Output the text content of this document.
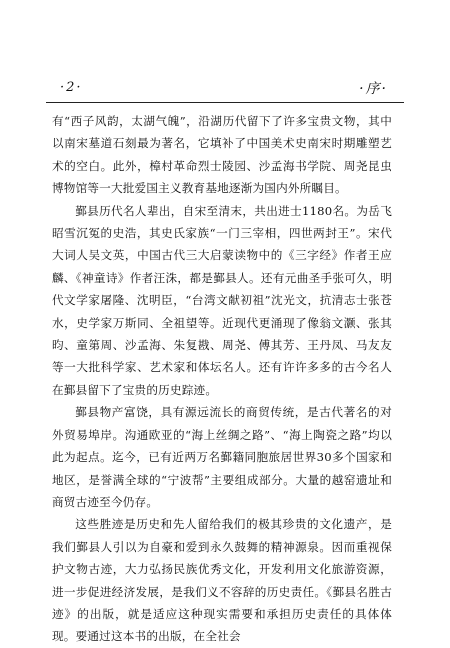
·2·	·序·

有“西子风韵，太湖气魄”，沿湖历代留下了许多宝贵文物，其中以南宋墓道石刻最为著名，它填补了中国美术史南宋时期雕塑艺术的空白。此外，樟村革命烈士陵园、沙孟海书学院、周尧昆虫博物馆等一大批爱国主义教育基地逐渐为国内外所瞩目。

鄞县历代名人辈出，自宋至清末，共出进士1180名。为岳飞昭雪沉冤的史浩，其史氏家族“一门三宰相，四世两封王”。宋代大词人吴文英，中国古代三大启蒙读物中的《三字经》作者王应麟、《神童诗》作者汪洙，都是鄞县人。还有元曲圣手张可久，明代文学家屠隆、沈明臣，“台湾文献初祖”沈光文，抗清志士张苍水，史学家万斯同、全祖望等。近现代更涌现了像翁文灏、张其昀、童第周、沙孟海、朱复戡、周尧、傅其芳、王丹凤、马友友等一大批科学家、艺术家和体坛名人。还有许许多多的古今名人在鄞县留下了宝贵的历史踪迹。

鄞县物产富饶，具有源远流长的商贸传统，是古代著名的对外贸易埠岸。沟通欧亚的“海上丝绸之路”、“海上陶瓷之路”均以此为起点。迄今，已有近两万名鄞籍同胞旅居世界30多个国家和地区，是誉满全球的“宁波帮”主要组成部分。大量的越窑遗址和商贸古迹至今仍存。

这些胜迹是历史和先人留给我们的极其珍贵的文化遗产，是我们鄞县人引以为自豪和爱到永久鼓舞的精神源泉。因而重视保护文物古迹，大力弘扬民族优秀文化，开发利用文化旅游资源，进一步促进经济发展，是我们义不容辞的历史责任。《鄞县名胜古迹》的出版，就是适应这种现实需要和承担历史责任的具体体现。要通过这本书的出版，在全社会
